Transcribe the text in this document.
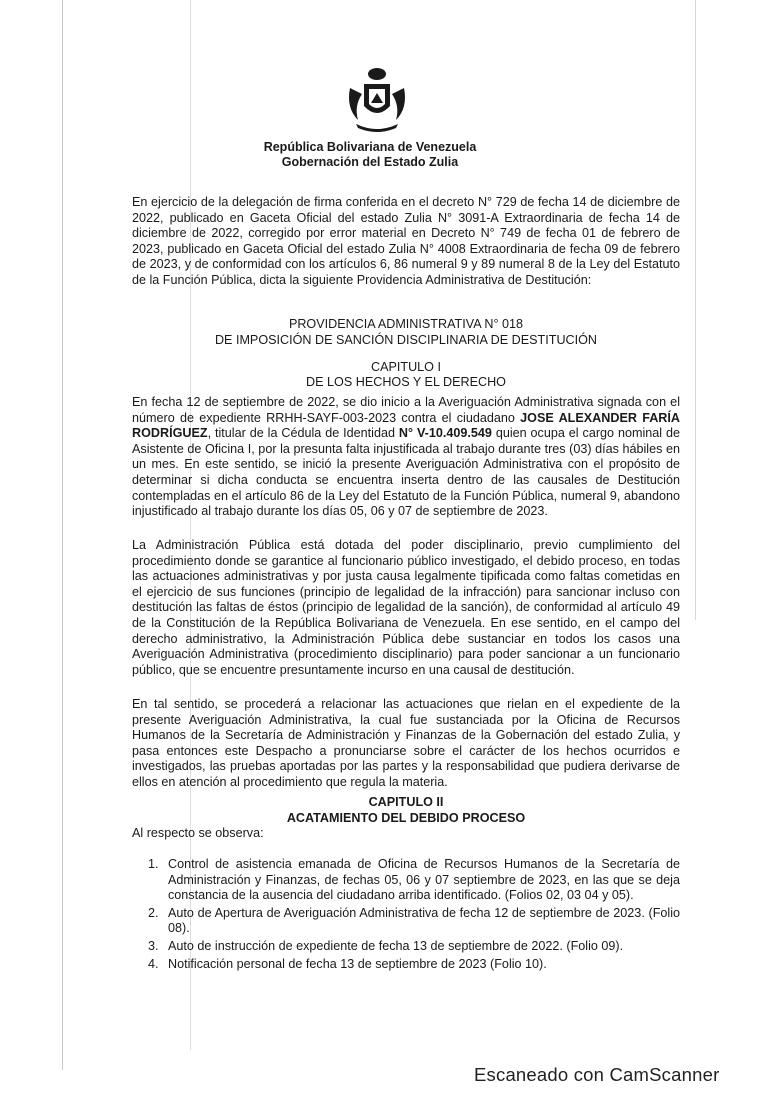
República Bolivariana de Venezuela
Gobernación del Estado Zulia
En ejercicio de la delegación de firma conferida en el decreto N° 729 de fecha 14 de diciembre de 2022, publicado en Gaceta Oficial del estado Zulia N° 3091-A Extraordinaria de fecha 14 de diciembre de 2022, corregido por error material en Decreto N° 749 de fecha 01 de febrero de 2023, publicado en Gaceta Oficial del estado Zulia N° 4008 Extraordinaria de fecha 09 de febrero de 2023, y de conformidad con los artículos 6, 86 numeral 9 y 89 numeral 8 de la Ley del Estatuto de la Función Pública, dicta la siguiente Providencia Administrativa de Destitución:
PROVIDENCIA ADMINISTRATIVA N° 018
DE IMPOSICIÓN DE SANCIÓN DISCIPLINARIA DE DESTITUCIÓN
CAPITULO I
DE LOS HECHOS Y EL DERECHO
En fecha 12 de septiembre de 2022, se dio inicio a la Averiguación Administrativa signada con el número de expediente RRHH-SAYF-003-2023 contra el ciudadano JOSE ALEXANDER FARÍA RODRÍGUEZ, titular de la Cédula de Identidad N° V-10.409.549 quien ocupa el cargo nominal de Asistente de Oficina I, por la presunta falta injustificada al trabajo durante tres (03) días hábiles en un mes. En este sentido, se inició la presente Averiguación Administrativa con el propósito de determinar si dicha conducta se encuentra inserta dentro de las causales de Destitución contempladas en el artículo 86 de la Ley del Estatuto de la Función Pública, numeral 9, abandono injustificado al trabajo durante los días 05, 06 y 07 de septiembre de 2023.
La Administración Pública está dotada del poder disciplinario, previo cumplimiento del procedimiento donde se garantice al funcionario público investigado, el debido proceso, en todas las actuaciones administrativas y por justa causa legalmente tipificada como faltas cometidas en el ejercicio de sus funciones (principio de legalidad de la infracción) para sancionar incluso con destitución las faltas de éstos (principio de legalidad de la sanción), de conformidad al artículo 49 de la Constitución de la República Bolivariana de Venezuela. En ese sentido, en el campo del derecho administrativo, la Administración Pública debe sustanciar en todos los casos una Averiguación Administrativa (procedimiento disciplinario) para poder sancionar a un funcionario público, que se encuentre presuntamente incurso en una causal de destitución.
En tal sentido, se procederá a relacionar las actuaciones que rielan en el expediente de la presente Averiguación Administrativa, la cual fue sustanciada por la Oficina de Recursos Humanos de la Secretaría de Administración y Finanzas de la Gobernación del estado Zulia, y pasa entonces este Despacho a pronunciarse sobre el carácter de los hechos ocurridos e investigados, las pruebas aportadas por las partes y la responsabilidad que pudiera derivarse de ellos en atención al procedimiento que regula la materia.
CAPITULO II
ACATAMIENTO DEL DEBIDO PROCESO
Al respecto se observa:
1. Control de asistencia emanada de Oficina de Recursos Humanos de la Secretaría de Administración y Finanzas, de fechas 05, 06 y 07 septiembre de 2023, en las que se deja constancia de la ausencia del ciudadano arriba identificado. (Folios 02, 03 04 y 05).
2. Auto de Apertura de Averiguación Administrativa de fecha 12 de septiembre de 2023. (Folio 08).
3. Auto de instrucción de expediente de fecha 13 de septiembre de 2022. (Folio 09).
4. Notificación personal de fecha 13 de septiembre de 2023 (Folio 10).
Escaneado con CamScanner
